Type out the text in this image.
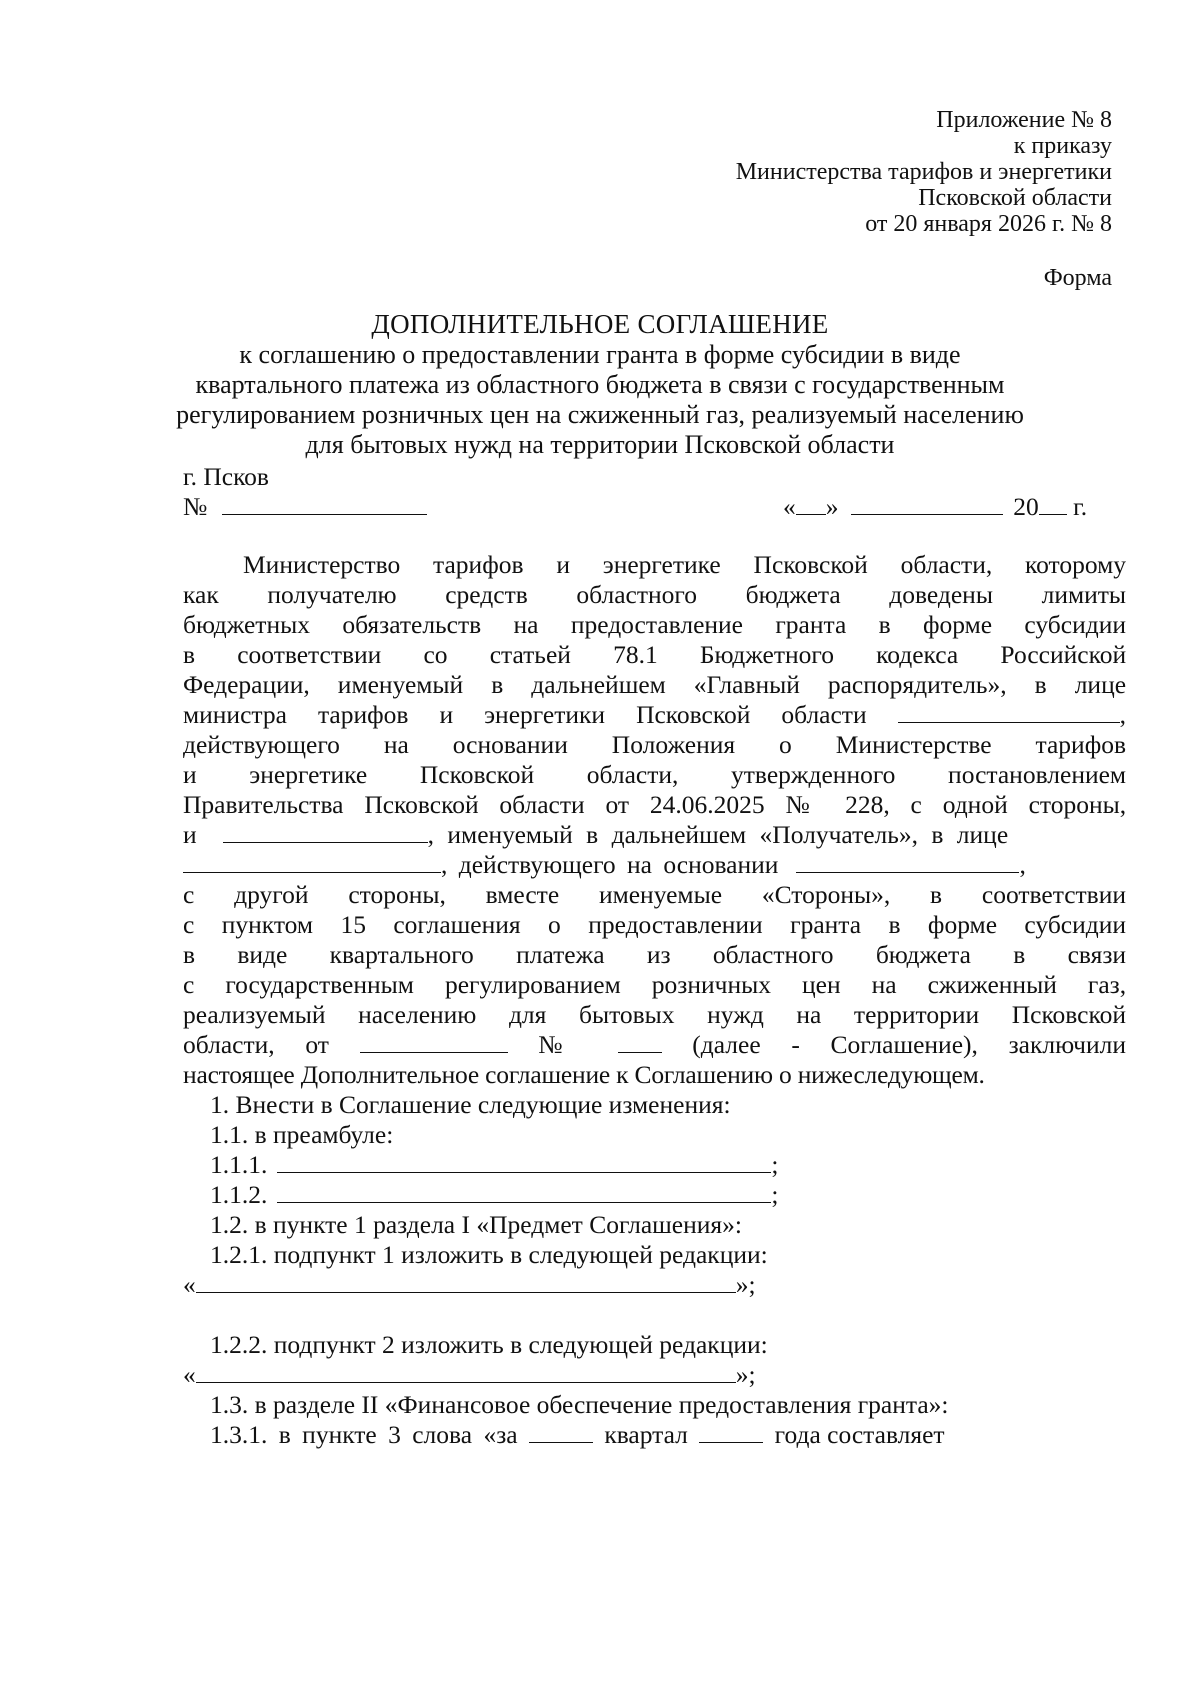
Приложение № 8
к приказу
Министерства тарифов и энергетики
Псковской области
от 20 января 2026 г. № 8
Форма
ДОПОЛНИТЕЛЬНОЕ СОГЛАШЕНИЕ
к соглашению о предоставлении гранта в форме субсидии в виде
квартального платежа из областного бюджета в связи с государственным
регулированием розничных цен на сжиженный газ, реализуемый населению
для бытовых нужд на территории Псковской области
г. Псков
№	« »	20 г.
Министерство тарифов и энергетике Псковской области, которому
как получателю средств областного бюджета доведены лимиты
бюджетных обязательств на предоставление гранта в форме субсидии
в соответствии со статьей 78.1 Бюджетного кодекса Российской
Федерации, именуемый в дальнейшем «Главный распорядитель», в лице
министра тарифов и энергетики Псковской области	,
действующего на основании Положения о Министерстве тарифов
и энергетике Псковской области, утвержденного постановлением
Правительства Псковской области от 24.06.2025 № 228, с одной стороны,
и	, именуемый в дальнейшем «Получатель», в лице
, действующего на основании	,
с другой стороны, вместе именуемые «Стороны», в соответствии
с пунктом 15 соглашения о предоставлении гранта в форме субсидии
в виде квартального платежа из областного бюджета в связи
с государственным регулированием розничных цен на сжиженный газ,
реализуемый населению для бытовых нужд на территории Псковской
области, от	№	(далее - Соглашение), заключили
настоящее Дополнительное соглашение к Соглашению о нижеследующем.
1. Внести в Соглашение следующие изменения:
1.1. в преамбуле:
1.1.1.	;
1.1.2.	;
1.2. в пункте 1 раздела I «Предмет Соглашения»:
1.2.1. подпункт 1 изложить в следующей редакции:
«	»;
1.2.2. подпункт 2 изложить в следующей редакции:
«	»;
1.3. в разделе II «Финансовое обеспечение предоставления гранта»:
1.3.1. в пункте 3 слова «за	квартал	года составляет
